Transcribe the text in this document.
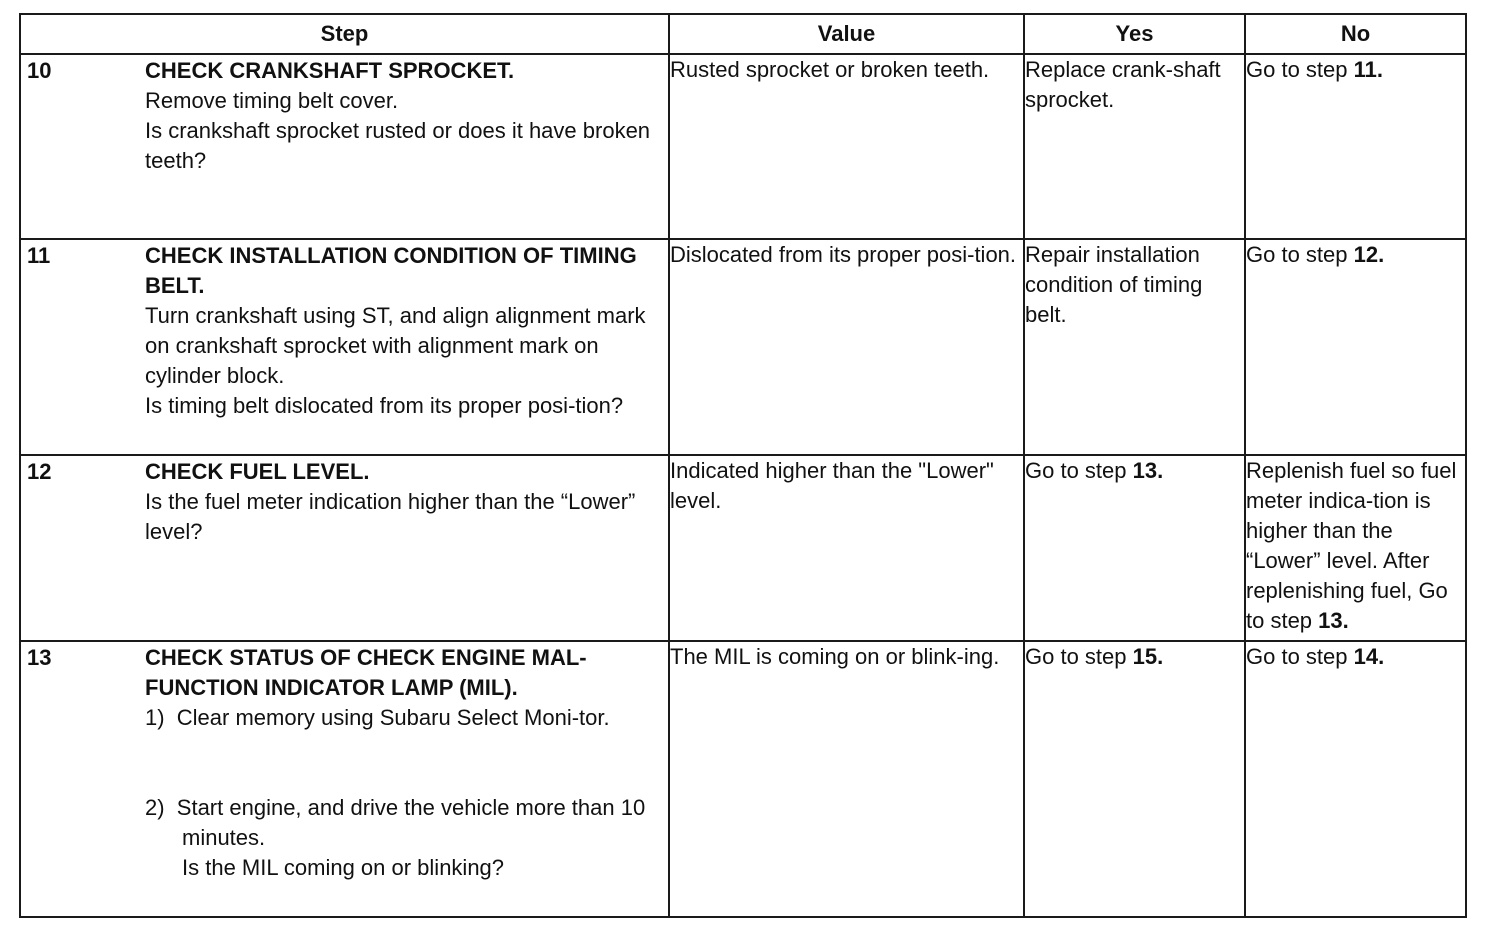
Step	Value	Yes	No

10 CHECK CRANKSHAFT SPROCKET.
Remove timing belt cover.
Is crankshaft sprocket rusted or does it have broken teeth?	Rusted sprocket or broken teeth.	Replace crank-shaft sprocket.	Go to step 11.

11 CHECK INSTALLATION CONDITION OF TIMING BELT.
Turn crankshaft using ST, and align alignment mark on crankshaft sprocket with alignment mark on cylinder block.
Is timing belt dislocated from its proper posi-tion?	Dislocated from its proper posi-tion.	Repair installation condition of timing belt.	Go to step 12.

12 CHECK FUEL LEVEL.
Is the fuel meter indication higher than the “Lower” level?	Indicated higher than the "Lower" level.	Go to step 13.	Replenish fuel so fuel meter indica-tion is higher than the “Lower” level. After replenishing fuel, Go to step 13.

13 CHECK STATUS OF CHECK ENGINE MAL-FUNCTION INDICATOR LAMP (MIL).
1)  Clear memory using Subaru Select Moni-tor.
2)  Start engine, and drive the vehicle more than 10 minutes.
Is the MIL coming on or blinking?	The MIL is coming on or blink-ing.	Go to step 15.	Go to step 14.
